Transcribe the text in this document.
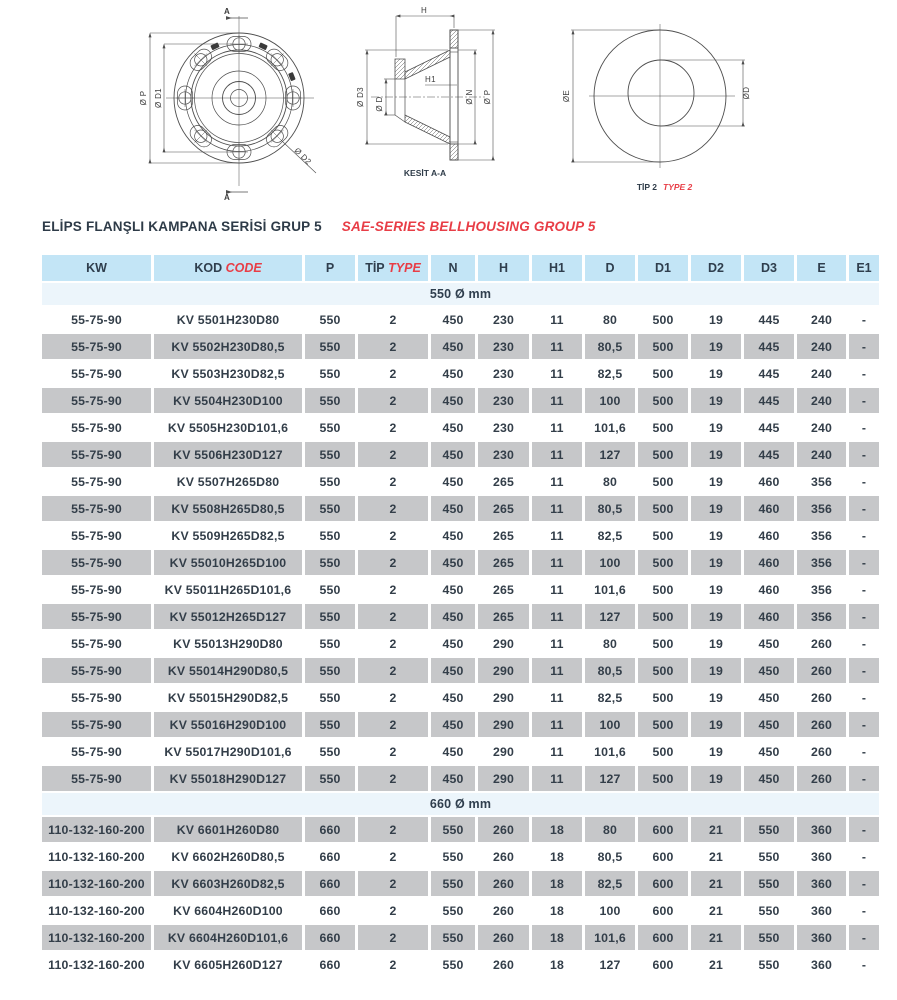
Ø P Ø D1
Ø D2
A
A
H
H1
Ø D3 Ø D	Ø N Ø P
KESİT A-A
ØE	ØD
TİP 2 TYPE 2
ELİPS FLANŞLI KAMPANA SERİSİ GRUP 5 SAE-SERIES BELLHOUSING GROUP 5
KW	KOD CODE	P	TİP TYPE	N	H	H1	D	D1	D2	D3	E	E1
550 Ø mm												
55-75-90	KV 5501H230D80	550	2	450	230	11	80	500	19	445	240	-
55-75-90	KV 5502H230D80,5	550	2	450	230	11	80,5	500	19	445	240	-
55-75-90	KV 5503H230D82,5	550	2	450	230	11	82,5	500	19	445	240	-
55-75-90	KV 5504H230D100	550	2	450	230	11	100	500	19	445	240	-
55-75-90	KV 5505H230D101,6	550	2	450	230	11	101,6	500	19	445	240	-
55-75-90	KV 5506H230D127	550	2	450	230	11	127	500	19	445	240	-
55-75-90	KV 5507H265D80	550	2	450	265	11	80	500	19	460	356	-
55-75-90	KV 5508H265D80,5	550	2	450	265	11	80,5	500	19	460	356	-
55-75-90	KV 5509H265D82,5	550	2	450	265	11	82,5	500	19	460	356	-
55-75-90	KV 55010H265D100	550	2	450	265	11	100	500	19	460	356	-
55-75-90	KV 55011H265D101,6	550	2	450	265	11	101,6	500	19	460	356	-
55-75-90	KV 55012H265D127	550	2	450	265	11	127	500	19	460	356	-
55-75-90	KV 55013H290D80	550	2	450	290	11	80	500	19	450	260	-
55-75-90	KV 55014H290D80,5	550	2	450	290	11	80,5	500	19	450	260	-
55-75-90	KV 55015H290D82,5	550	2	450	290	11	82,5	500	19	450	260	-
55-75-90	KV 55016H290D100	550	2	450	290	11	100	500	19	450	260	-
55-75-90	KV 55017H290D101,6	550	2	450	290	11	101,6	500	19	450	260	-
55-75-90	KV 55018H290D127	550	2	450	290	11	127	500	19	450	260	-
660 Ø mm												
110-132-160-200	KV 6601H260D80	660	2	550	260	18	80	600	21	550	360	-
110-132-160-200	KV 6602H260D80,5	660	2	550	260	18	80,5	600	21	550	360	-
110-132-160-200	KV 6603H260D82,5	660	2	550	260	18	82,5	600	21	550	360	-
110-132-160-200	KV 6604H260D100	660	2	550	260	18	100	600	21	550	360	-
110-132-160-200	KV 6604H260D101,6	660	2	550	260	18	101,6	600	21	550	360	-
110-132-160-200	KV 6605H260D127	660	2	550	260	18	127	600	21	550	360	-
